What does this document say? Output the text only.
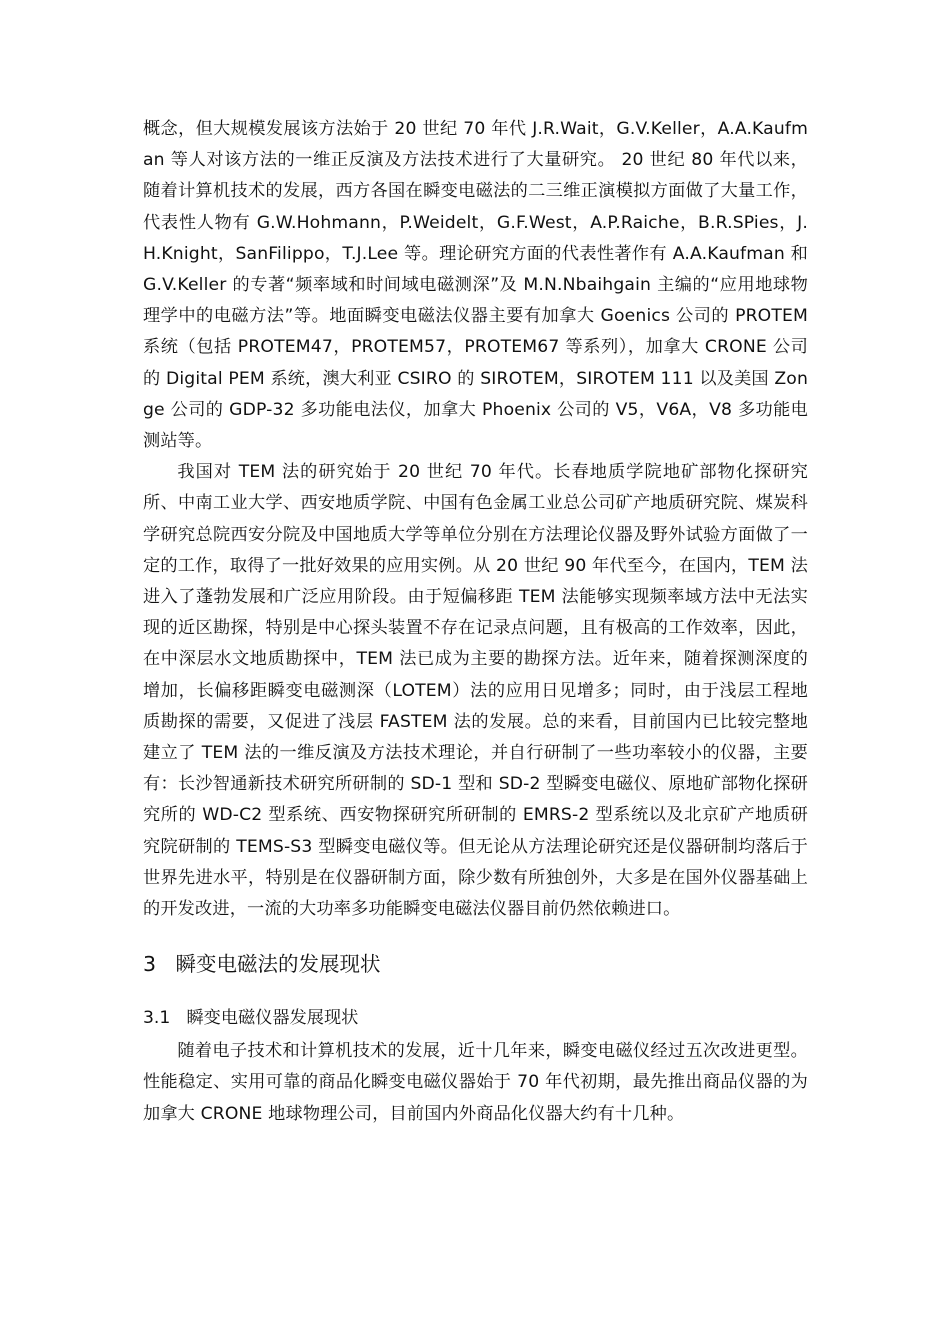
概念，但大规模发展该方法始于 20 世纪 70 年代 J.R.Wait，G.V.Keller，A.A.Kaufman 等人对该方法的一维正反演及方法技术进行了大量研究。 20 世纪 80 年代以来，随着计算机技术的发展，西方各国在瞬变电磁法的二三维正演模拟方面做了大量工作，代表性人物有 G.W.Hohmann，P.Weidelt，G.F.West，A.P.Raiche，B.R.SPies，J.H.Knight，SanFilippo，T.J.Lee 等。理论研究方面的代表性著作有 A.A.Kaufman 和 G.V.Keller 的专著“频率域和时间域电磁测深”及 M.N.Nbaihgain 主编的“应用地球物理学中的电磁方法”等。地面瞬变电磁法仪器主要有加拿大 Goenics 公司的 PROTEM 系统（包括 PROTEM47，PROTEM57，PROTEM67 等系列），加拿大 CRONE 公司的 Digital PEM 系统，澳大利亚 CSIRO 的 SIROTEM，SIROTEM 111 以及美国 Zonge 公司的 GDP-32 多功能电法仪，加拿大 Phoenix 公司的 V5，V6A，V8 多功能电测站等。

我国对 TEM 法的研究始于 20 世纪 70 年代。长春地质学院地矿部物化探研究所、中南工业大学、西安地质学院、中国有色金属工业总公司矿产地质研究院、煤炭科学研究总院西安分院及中国地质大学等单位分别在方法理论仪器及野外试验方面做了一定的工作，取得了一批好效果的应用实例。从 20 世纪 90 年代至今，在国内，TEM 法进入了蓬勃发展和广泛应用阶段。由于短偏移距 TEM 法能够实现频率域方法中无法实现的近区勘探，特别是中心探头装置不存在记录点问题，且有极高的工作效率，因此，在中深层水文地质勘探中，TEM 法已成为主要的勘探方法。近年来，随着探测深度的增加，长偏移距瞬变电磁测深（LOTEM）法的应用日见增多；同时，由于浅层工程地质勘探的需要，又促进了浅层 FASTEM 法的发展。总的来看，目前国内已比较完整地建立了 TEM 法的一维反演及方法技术理论，并自行研制了一些功率较小的仪器，主要有：长沙智通新技术研究所研制的 SD-1 型和 SD-2 型瞬变电磁仪、原地矿部物化探研究所的 WD-C2 型系统、西安物探研究所研制的 EMRS-2 型系统以及北京矿产地质研究院研制的 TEMS-S3 型瞬变电磁仪等。但无论从方法理论研究还是仪器研制均落后于世界先进水平，特别是在仪器研制方面，除少数有所独创外，大多是在国外仪器基础上的开发改进，一流的大功率多功能瞬变电磁法仪器目前仍然依赖进口。

3 瞬变电磁法的发展现状
3.1 瞬变电磁仪器发展现状

随着电子技术和计算机技术的发展，近十几年来，瞬变电磁仪经过五次改进更型。性能稳定、实用可靠的商品化瞬变电磁仪器始于 70 年代初期，最先推出商品仪器的为加拿大 CRONE 地球物理公司，目前国内外商品化仪器大约有十几种。
